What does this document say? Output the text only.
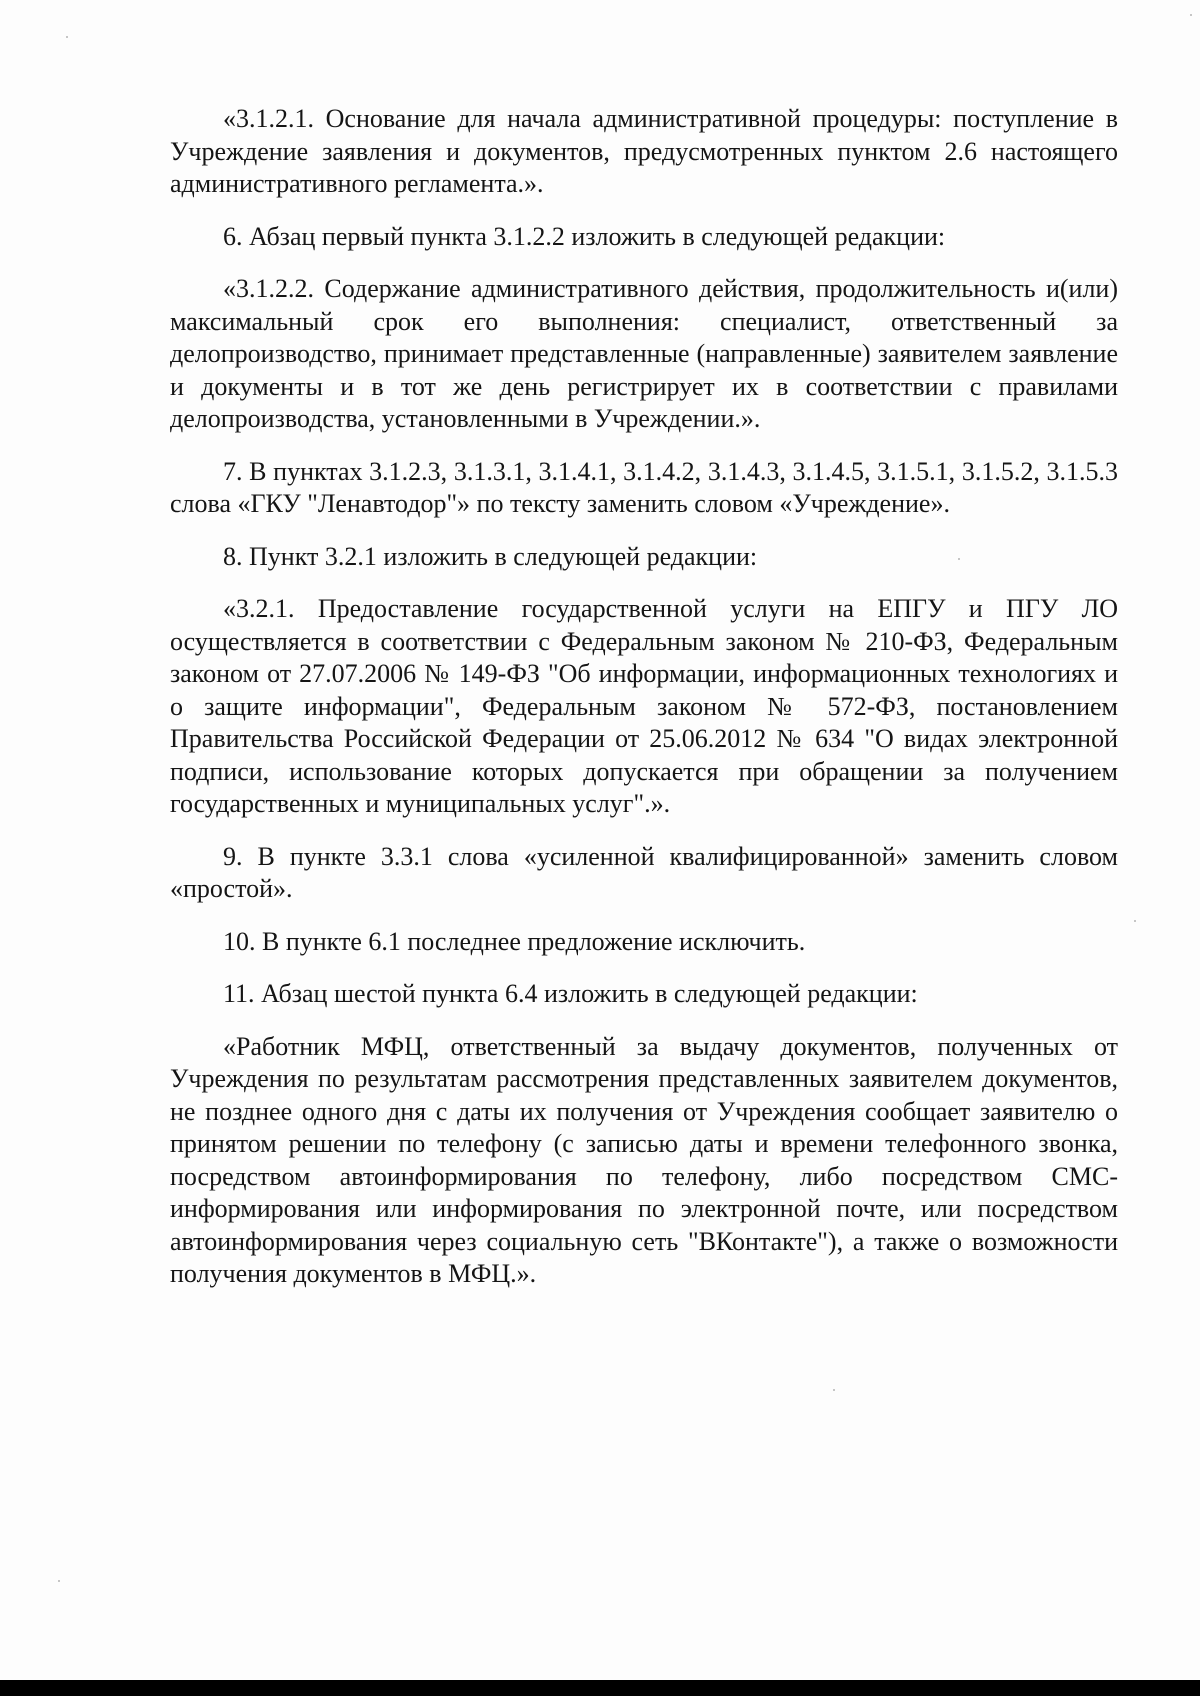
«3.1.2.1. Основание для начала административной процедуры: поступление в Учреждение заявления и документов, предусмотренных пунктом 2.6 настоящего административного регламента.».

6. Абзац первый пункта 3.1.2.2 изложить в следующей редакции:

«3.1.2.2. Содержание административного действия, продолжительность и(или) максимальный срок его выполнения: специалист, ответственный за делопроизводство, принимает представленные (направленные) заявителем заявление и документы и в тот же день регистрирует их в соответствии с правилами делопроизводства, установленными в Учреждении.».

7. В пунктах 3.1.2.3, 3.1.3.1, 3.1.4.1, 3.1.4.2, 3.1.4.3, 3.1.4.5, 3.1.5.1, 3.1.5.2, 3.1.5.3 слова «ГКУ "Ленавтодор"» по тексту заменить словом «Учреждение».

8. Пункт 3.2.1 изложить в следующей редакции:

«3.2.1. Предоставление государственной услуги на ЕПГУ и ПГУ ЛО осуществляется в соответствии с Федеральным законом № 210-ФЗ, Федеральным законом от 27.07.2006 № 149-ФЗ "Об информации, информационных технологиях и о защите информации", Федеральным законом № 572-ФЗ, постановлением Правительства Российской Федерации от 25.06.2012 № 634 "О видах электронной подписи, использование которых допускается при обращении за получением государственных и муниципальных услуг".».

9. В пункте 3.3.1 слова «усиленной квалифицированной» заменить словом «простой».

10. В пункте 6.1 последнее предложение исключить.

11. Абзац шестой пункта 6.4 изложить в следующей редакции:

«Работник МФЦ, ответственный за выдачу документов, полученных от Учреждения по результатам рассмотрения представленных заявителем документов, не позднее одного дня с даты их получения от Учреждения сообщает заявителю о принятом решении по телефону (с записью даты и времени телефонного звонка, посредством автоинформирования по телефону, либо посредством СМС-информирования или информирования по электронной почте, или посредством автоинформирования через социальную сеть "ВКонтакте"), а также о возможности получения документов в МФЦ.».
